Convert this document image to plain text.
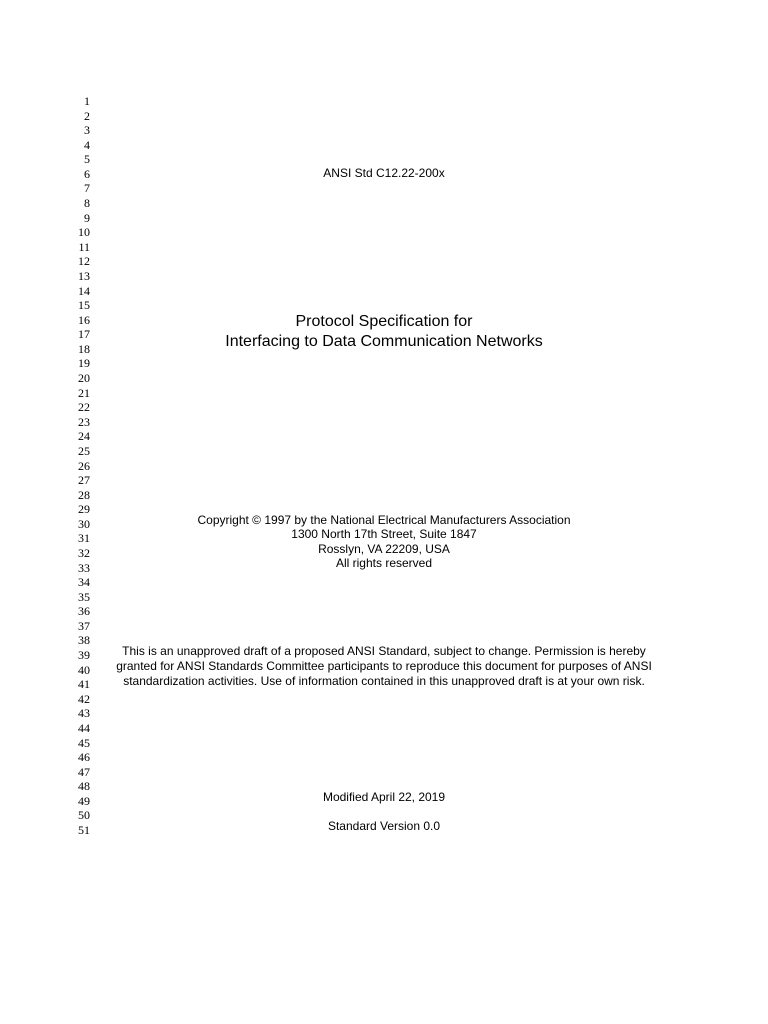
1
2
3
4
5
6
7
8
9
10
11
12
13
14
15
16
17
18
19
20
21
22
23
24
25
26
27
28
29
30
31
32
33
34
35
36
37
38
39
40
41
42
43
44
45
46
47
48
49
50
51
ANSI Std C12.22-200x
Protocol Specification for
Interfacing to Data Communication Networks
Copyright © 1997 by the National Electrical Manufacturers Association
1300 North 17th Street, Suite 1847
Rosslyn, VA 22209, USA
All rights reserved
This is an unapproved draft of a proposed ANSI Standard, subject to change. Permission is hereby
granted for ANSI Standards Committee participants to reproduce this document for purposes of ANSI
standardization activities. Use of information contained in this unapproved draft is at your own risk.
Modified April 22, 2019
Standard Version 0.0
